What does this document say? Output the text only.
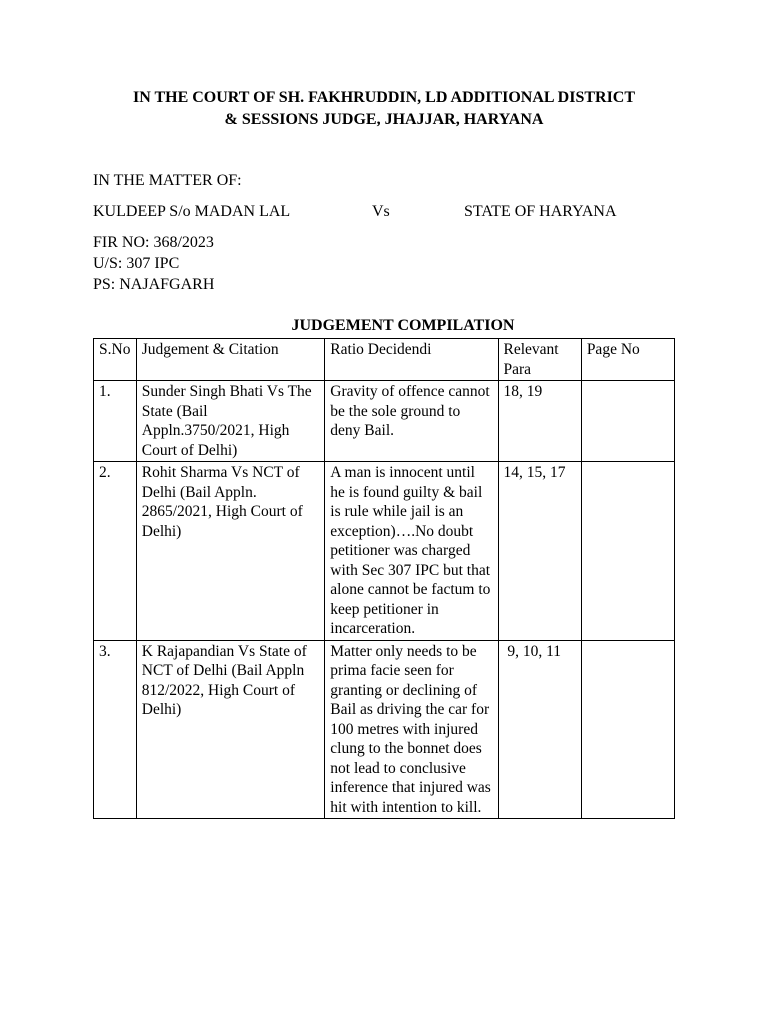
IN THE COURT OF SH. FAKHRUDDIN, LD ADDITIONAL DISTRICT
& SESSIONS JUDGE, JHAJJAR, HARYANA
IN THE MATTER OF:
KULDEEP S/o MADAN LAL	Vs	STATE OF HARYANA
FIR NO: 368/2023
U/S: 307 IPC
PS: NAJAFGARH
JUDGEMENT COMPILATION
S.No	Judgement & Citation	Ratio Decidendi	Relevant Para	Page No
1.	Sunder Singh Bhati Vs The State (Bail Appln.3750/2021, High Court of Delhi)	Gravity of offence cannot be the sole ground to deny Bail.	18, 19	
2.	Rohit Sharma Vs NCT of Delhi (Bail Appln. 2865/2021, High Court of Delhi)	A man is innocent until he is found guilty & bail is rule while jail is an exception)….No doubt petitioner was charged with Sec 307 IPC but that alone cannot be factum to keep petitioner in incarceration.	14, 15, 17	
3.	K Rajapandian Vs State of NCT of Delhi (Bail Appln 812/2022, High Court of Delhi)	Matter only needs to be prima facie seen for granting or declining of Bail as driving the car for 100 metres with injured clung to the bonnet does not lead to conclusive inference that injured was hit with intention to kill.	9, 10, 11	
